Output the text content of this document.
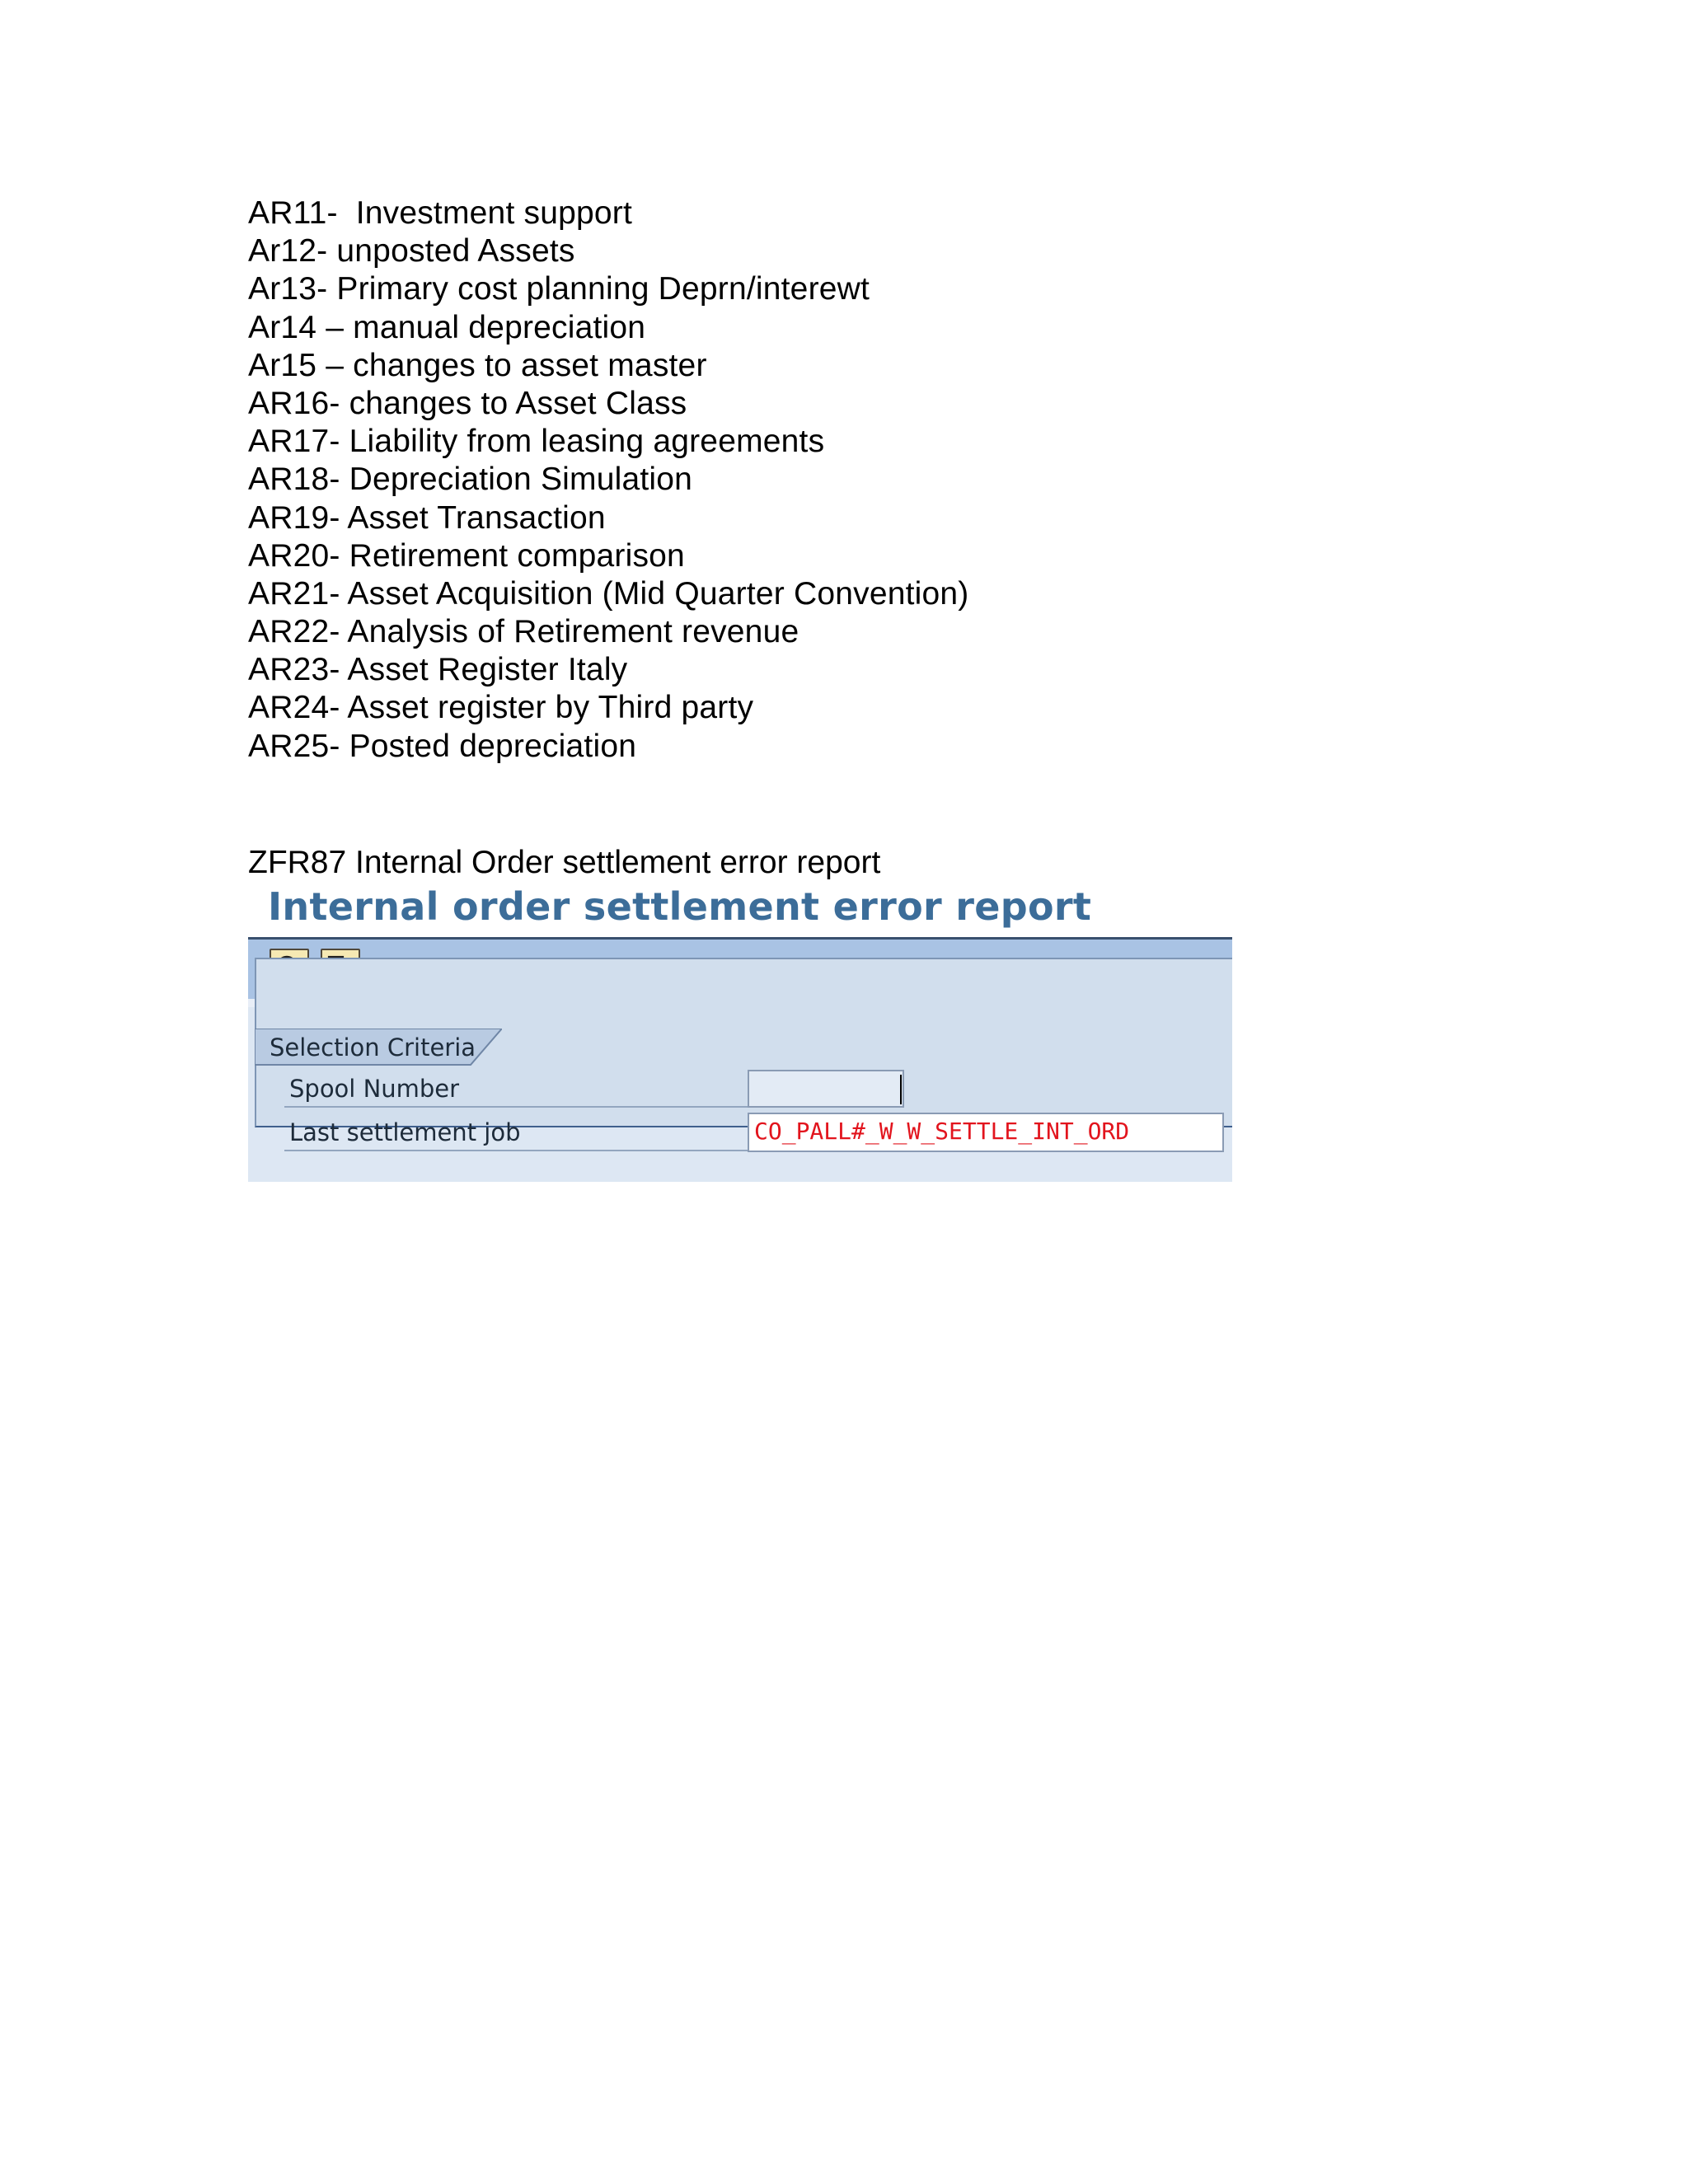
AR11-  Investment support
Ar12- unposted Assets
Ar13- Primary cost planning Deprn/interewt
Ar14 – manual depreciation
Ar15 – changes to asset master
AR16- changes to Asset Class
AR17- Liability from leasing agreements
AR18- Depreciation Simulation
AR19- Asset Transaction
AR20- Retirement comparison
AR21- Asset Acquisition (Mid Quarter Convention)
AR22- Analysis of Retirement revenue
AR23- Asset Register Italy
AR24- Asset register by Third party
AR25- Posted depreciation

ZFR87 Internal Order settlement error report

Internal order settlement error report
Selection Criteria
Spool Number
Last settlement job	CO_PALL#_W_W_SETTLE_INT_ORD
